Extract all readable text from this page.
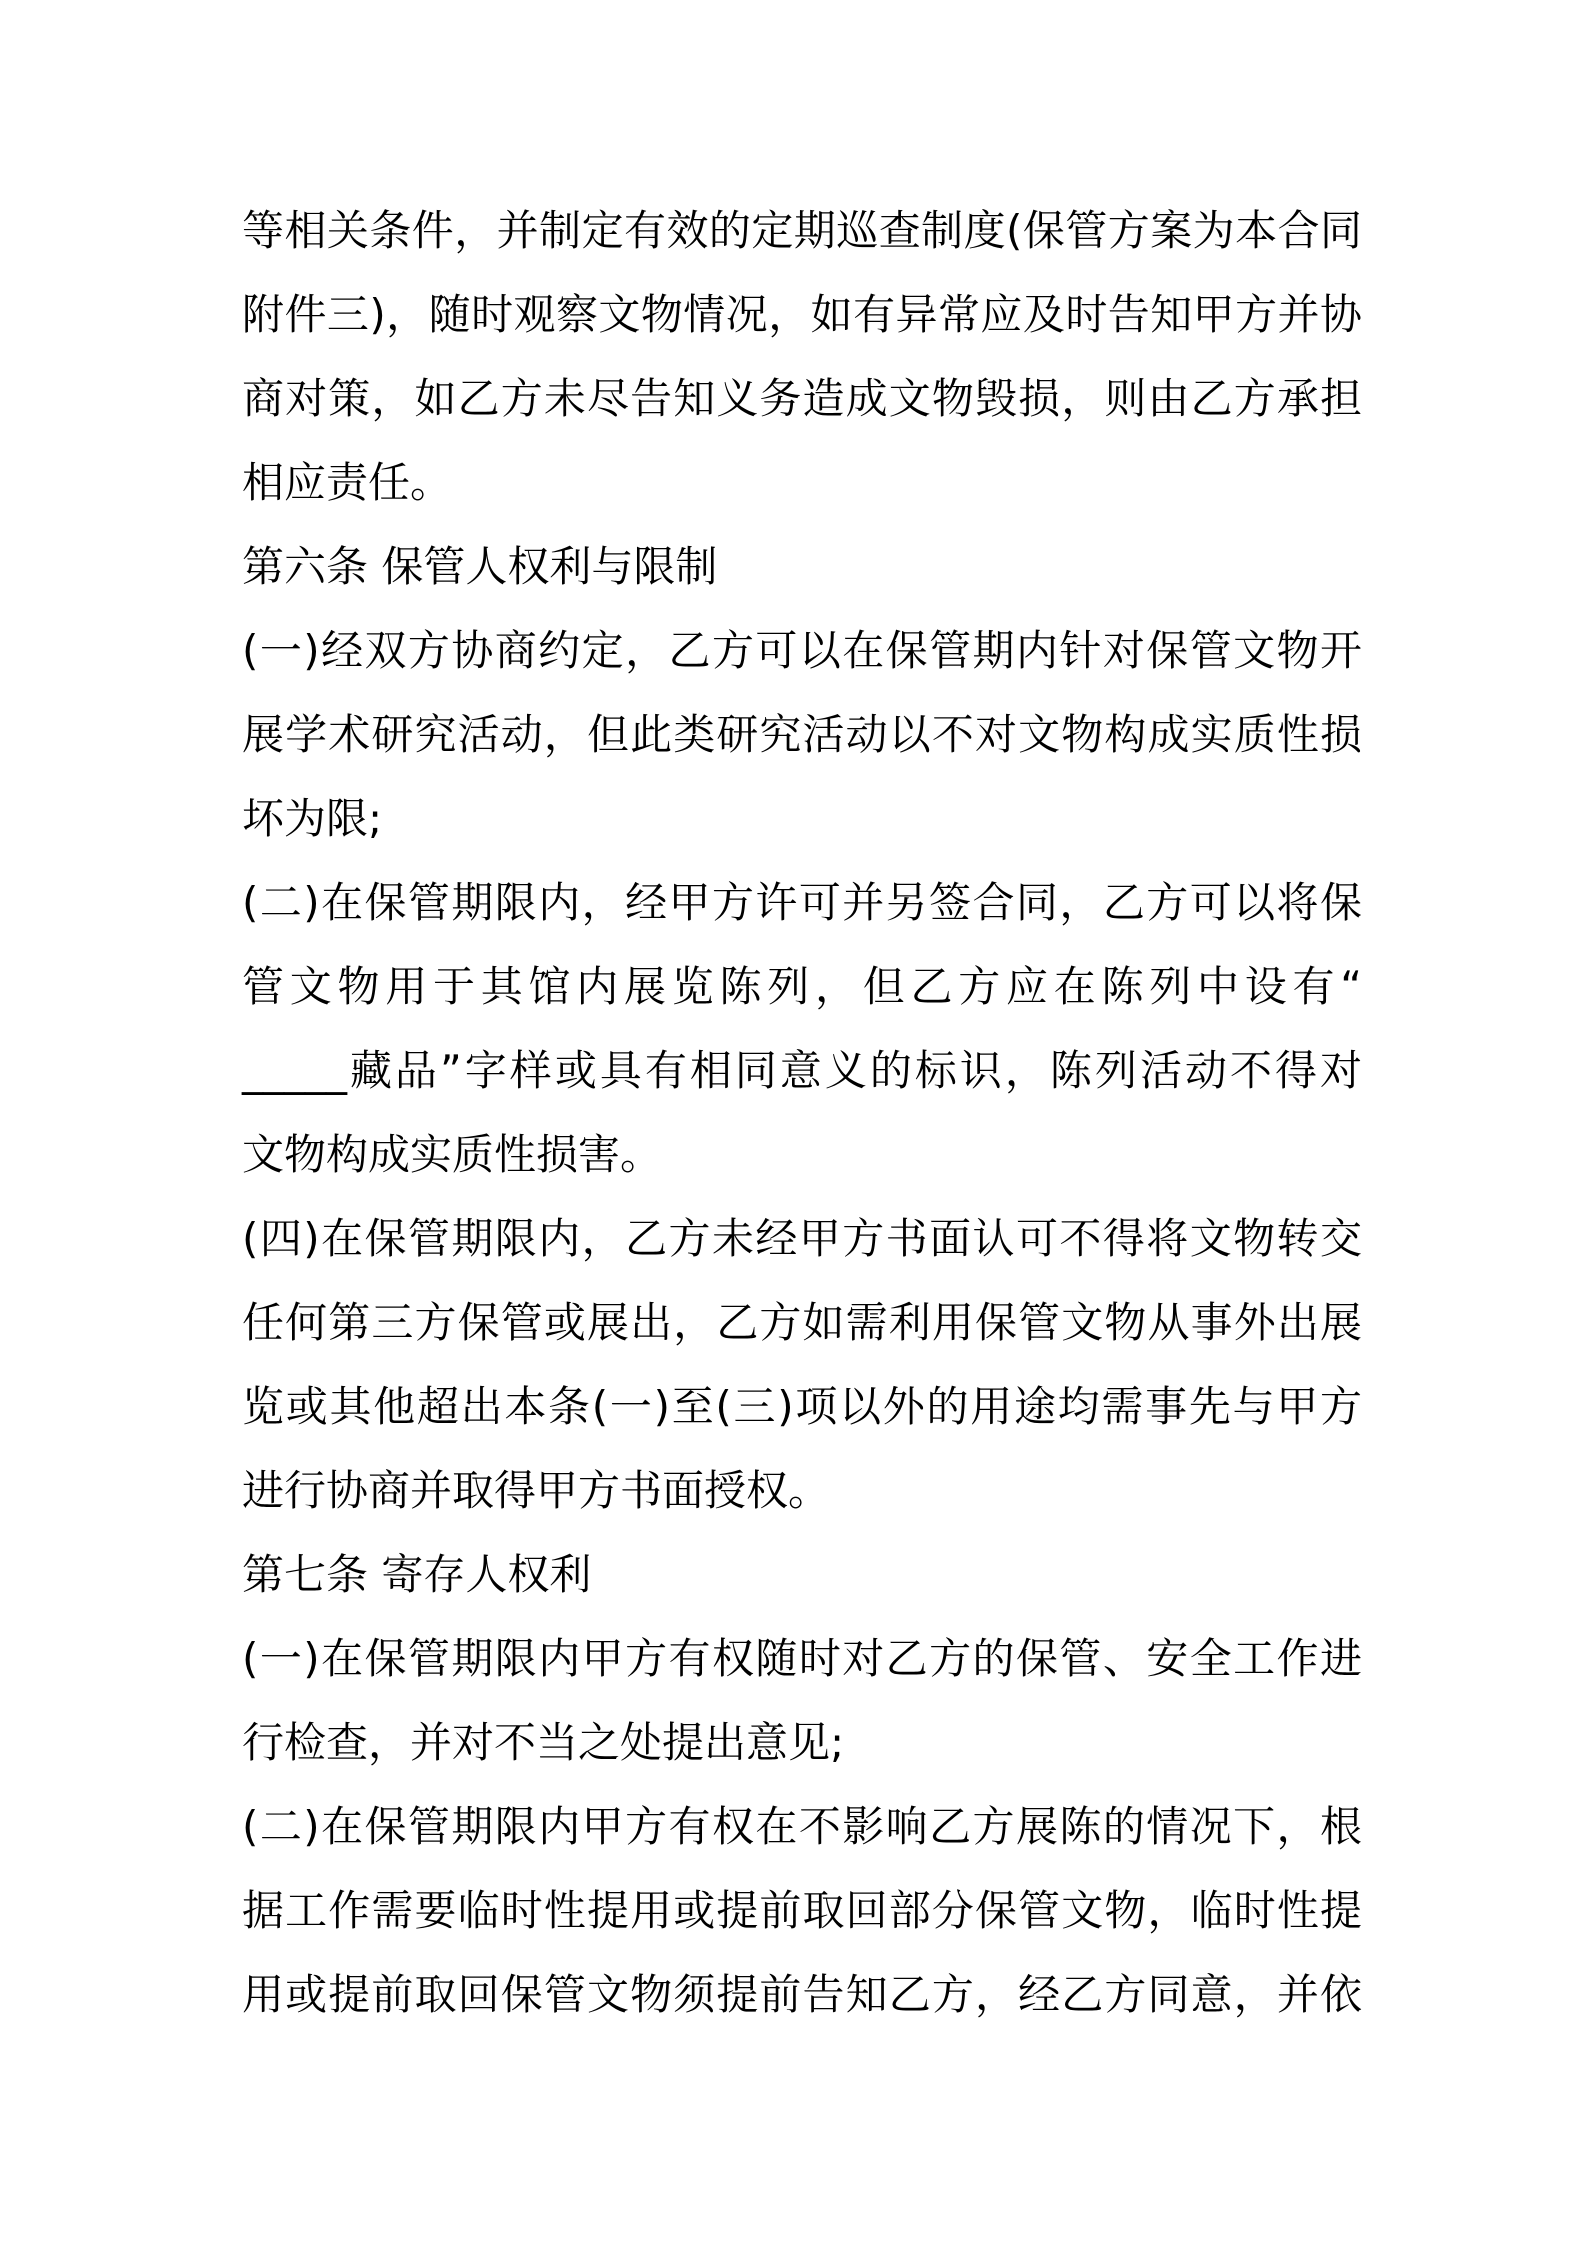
等相关条件，并制定有效的定期巡查制度(保管方案为本合同
附件三)，随时观察文物情况，如有异常应及时告知甲方并协
商对策，如乙方未尽告知义务造成文物毁损，则由乙方承担
相应责任。
第六条 保管人权利与限制
(一)经双方协商约定，乙方可以在保管期内针对保管文物开
展学术研究活动，但此类研究活动以不对文物构成实质性损
坏为限;
(二)在保管期限内，经甲方许可并另签合同，乙方可以将保
管文物用于其馆内展览陈列，但乙方应在陈列中设有“
_____藏品”字样或具有相同意义的标识，陈列活动不得对
文物构成实质性损害。
(四)在保管期限内，乙方未经甲方书面认可不得将文物转交
任何第三方保管或展出，乙方如需利用保管文物从事外出展
览或其他超出本条(一)至(三)项以外的用途均需事先与甲方
进行协商并取得甲方书面授权。
第七条 寄存人权利
(一)在保管期限内甲方有权随时对乙方的保管、安全工作进
行检查，并对不当之处提出意见;
(二)在保管期限内甲方有权在不影响乙方展陈的情况下，根
据工作需要临时性提用或提前取回部分保管文物，临时性提
用或提前取回保管文物须提前告知乙方，经乙方同意，并依
